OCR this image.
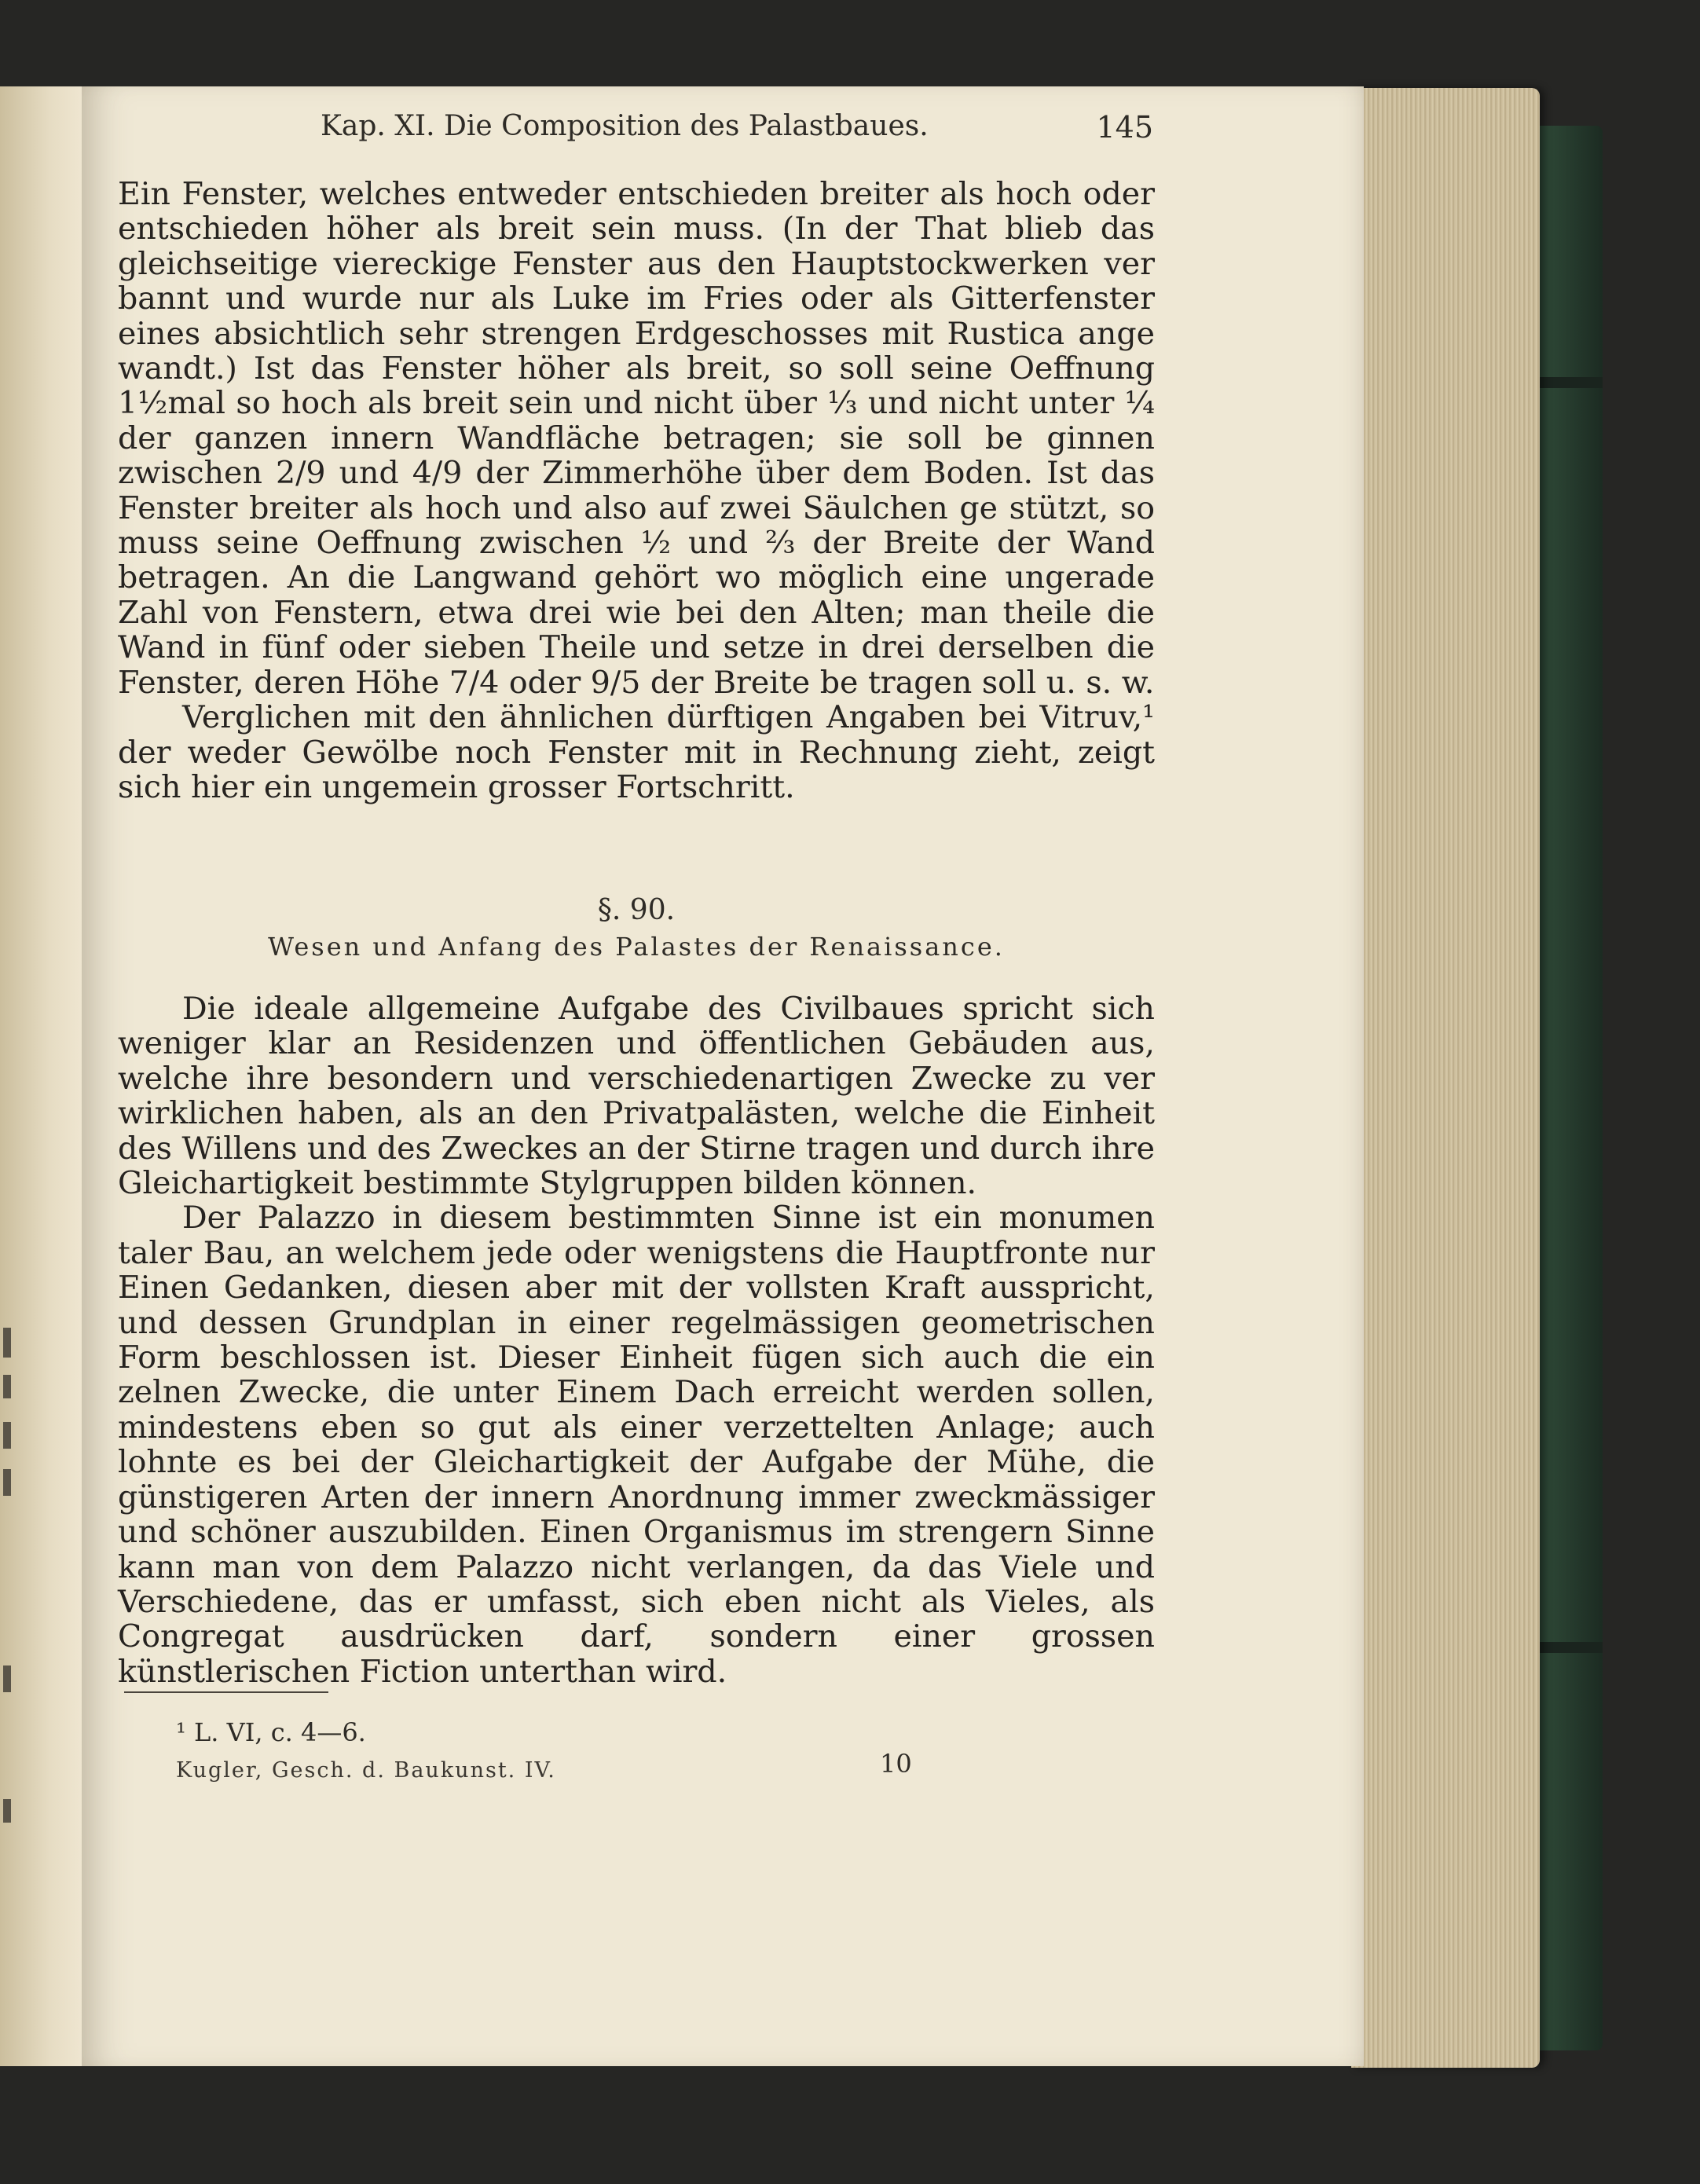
Kap. XI. Die Composition des Palastbaues.	145

Ein Fenster, welches entweder entschieden breiter als hoch oder entschieden höher als breit sein muss. (In der That blieb das gleichseitige viereckige Fenster aus den Hauptstockwerken ver bannt und wurde nur als Luke im Fries oder als Gitterfenster eines absichtlich sehr strengen Erdgeschosses mit Rustica ange wandt.) Ist das Fenster höher als breit, so soll seine Oeffnung 1½mal so hoch als breit sein und nicht über ⅓ und nicht unter ¼ der ganzen innern Wandfläche betragen; sie soll be ginnen zwischen 2/9 und 4/9 der Zimmerhöhe über dem Boden. Ist das Fenster breiter als hoch und also auf zwei Säulchen ge stützt, so muss seine Oeffnung zwischen ½ und ⅔ der Breite der Wand betragen. An die Langwand gehört wo möglich eine ungerade Zahl von Fenstern, etwa drei wie bei den Alten; man theile die Wand in fünf oder sieben Theile und setze in drei derselben die Fenster, deren Höhe 7/4 oder 9/5 der Breite be tragen soll u. s. w.

Verglichen mit den ähnlichen dürftigen Angaben bei Vitruv,¹ der weder Gewölbe noch Fenster mit in Rechnung zieht, zeigt sich hier ein ungemein grosser Fortschritt.

§. 90.
Wesen und Anfang des Palastes der Renaissance.

Die ideale allgemeine Aufgabe des Civilbaues spricht sich weniger klar an Residenzen und öffentlichen Gebäuden aus, welche ihre besondern und verschiedenartigen Zwecke zu ver wirklichen haben, als an den Privatpalästen, welche die Einheit des Willens und des Zweckes an der Stirne tragen und durch ihre Gleichartigkeit bestimmte Stylgruppen bilden können.

Der Palazzo in diesem bestimmten Sinne ist ein monumen taler Bau, an welchem jede oder wenigstens die Hauptfronte nur Einen Gedanken, diesen aber mit der vollsten Kraft ausspricht, und dessen Grundplan in einer regelmässigen geometrischen Form beschlossen ist. Dieser Einheit fügen sich auch die ein zelnen Zwecke, die unter Einem Dach erreicht werden sollen, mindestens eben so gut als einer verzettelten Anlage; auch lohnte es bei der Gleichartigkeit der Aufgabe der Mühe, die günstigeren Arten der innern Anordnung immer zweckmässiger und schöner auszubilden. Einen Organismus im strengern Sinne kann man von dem Palazzo nicht verlangen, da das Viele und Verschiedene, das er umfasst, sich eben nicht als Vieles, als Congregat ausdrücken darf, sondern einer grossen künstlerischen Fiction unterthan wird.

¹ L. VI, c. 4—6.
Kugler, Gesch. d. Baukunst. IV.	10
